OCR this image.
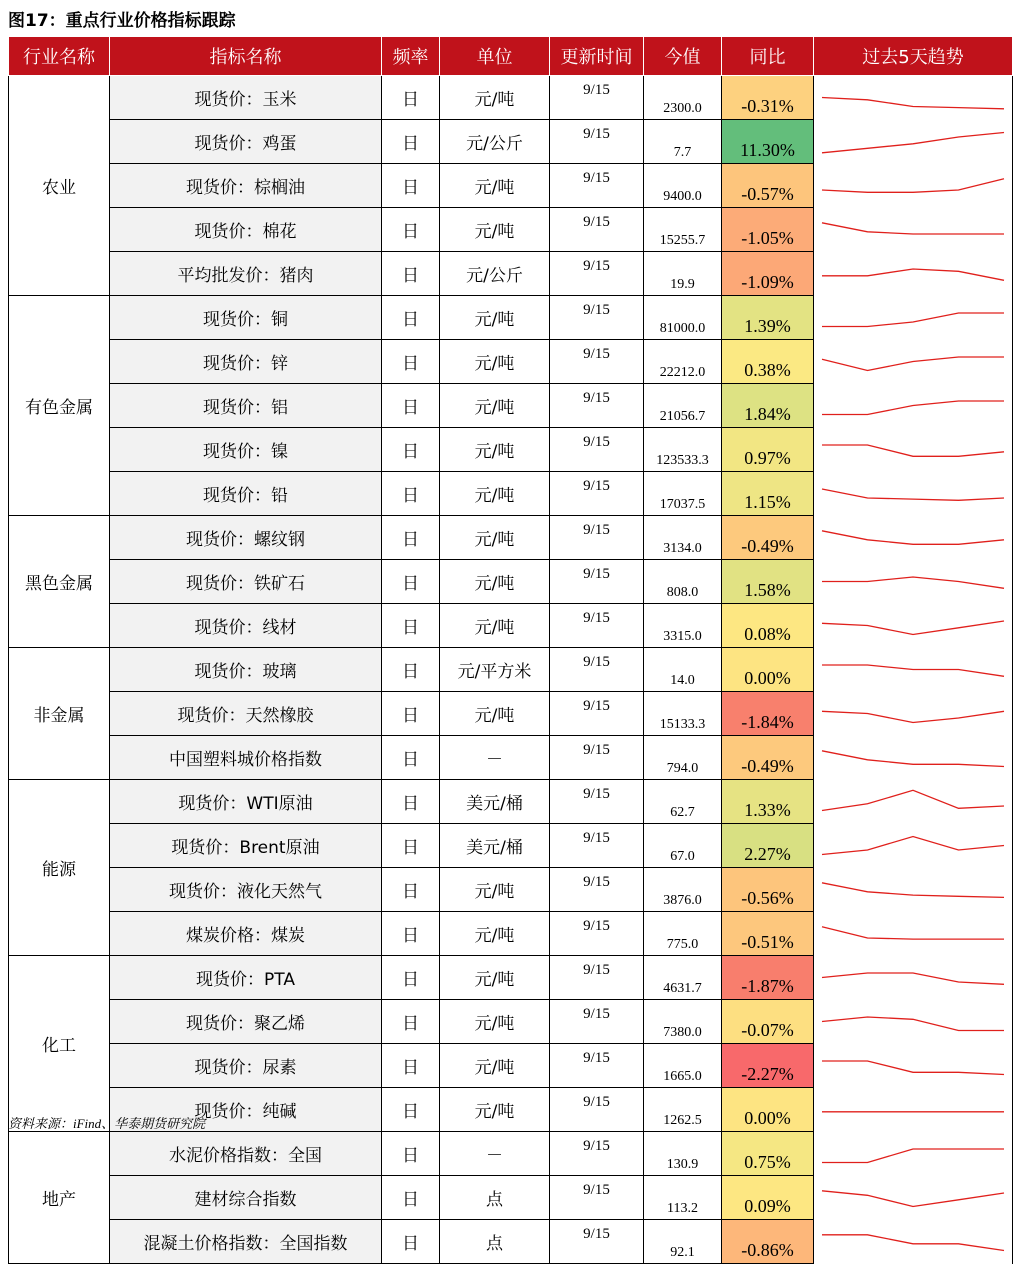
图17：重点行业价格指标跟踪
行业名称	指标名称	频率	单位	更新时间	今值	同比	过去5天趋势
农业	现货价：玉米	日	元/吨	9/15	2300.0	-0.31%	

	现货价：鸡蛋	日	元/公斤	9/15	7.7	11.30%	

	现货价：棕榈油	日	元/吨	9/15	9400.0	-0.57%	

	现货价：棉花	日	元/吨	9/15	15255.7	-1.05%	

	平均批发价：猪肉	日	元/公斤	9/15	19.9	-1.09%	

有色金属	现货价：铜	日	元/吨	9/15	81000.0	1.39%	

	现货价：锌	日	元/吨	9/15	22212.0	0.38%	

	现货价：铝	日	元/吨	9/15	21056.7	1.84%	

	现货价：镍	日	元/吨	9/15	123533.3	0.97%	

	现货价：铅	日	元/吨	9/15	17037.5	1.15%	

黑色金属	现货价：螺纹钢	日	元/吨	9/15	3134.0	-0.49%	

	现货价：铁矿石	日	元/吨	9/15	808.0	1.58%	

	现货价：线材	日	元/吨	9/15	3315.0	0.08%	

非金属	现货价：玻璃	日	元/平方米	9/15	14.0	0.00%	

	现货价：天然橡胶	日	元/吨	9/15	15133.3	-1.84%	

	中国塑料城价格指数	日	－	9/15	794.0	-0.49%	

能源	现货价：WTI原油	日	美元/桶	9/15	62.7	1.33%	

	现货价：Brent原油	日	美元/桶	9/15	67.0	2.27%	

	现货价：液化天然气	日	元/吨	9/15	3876.0	-0.56%	

	煤炭价格：煤炭	日	元/吨	9/15	775.0	-0.51%	

化工	现货价：PTA	日	元/吨	9/15	4631.7	-1.87%	

	现货价：聚乙烯	日	元/吨	9/15	7380.0	-0.07%	

	现货价：尿素	日	元/吨	9/15	1665.0	-2.27%	

	现货价：纯碱	日	元/吨	9/15	1262.5	0.00%	

地产	水泥价格指数：全国	日	－	9/15	130.9	0.75%	

	建材综合指数	日	点	9/15	113.2	0.09%	

	混凝土价格指数：全国指数	日	点	9/15	92.1	-0.86%	
资料来源：iFind、华泰期货研究院
